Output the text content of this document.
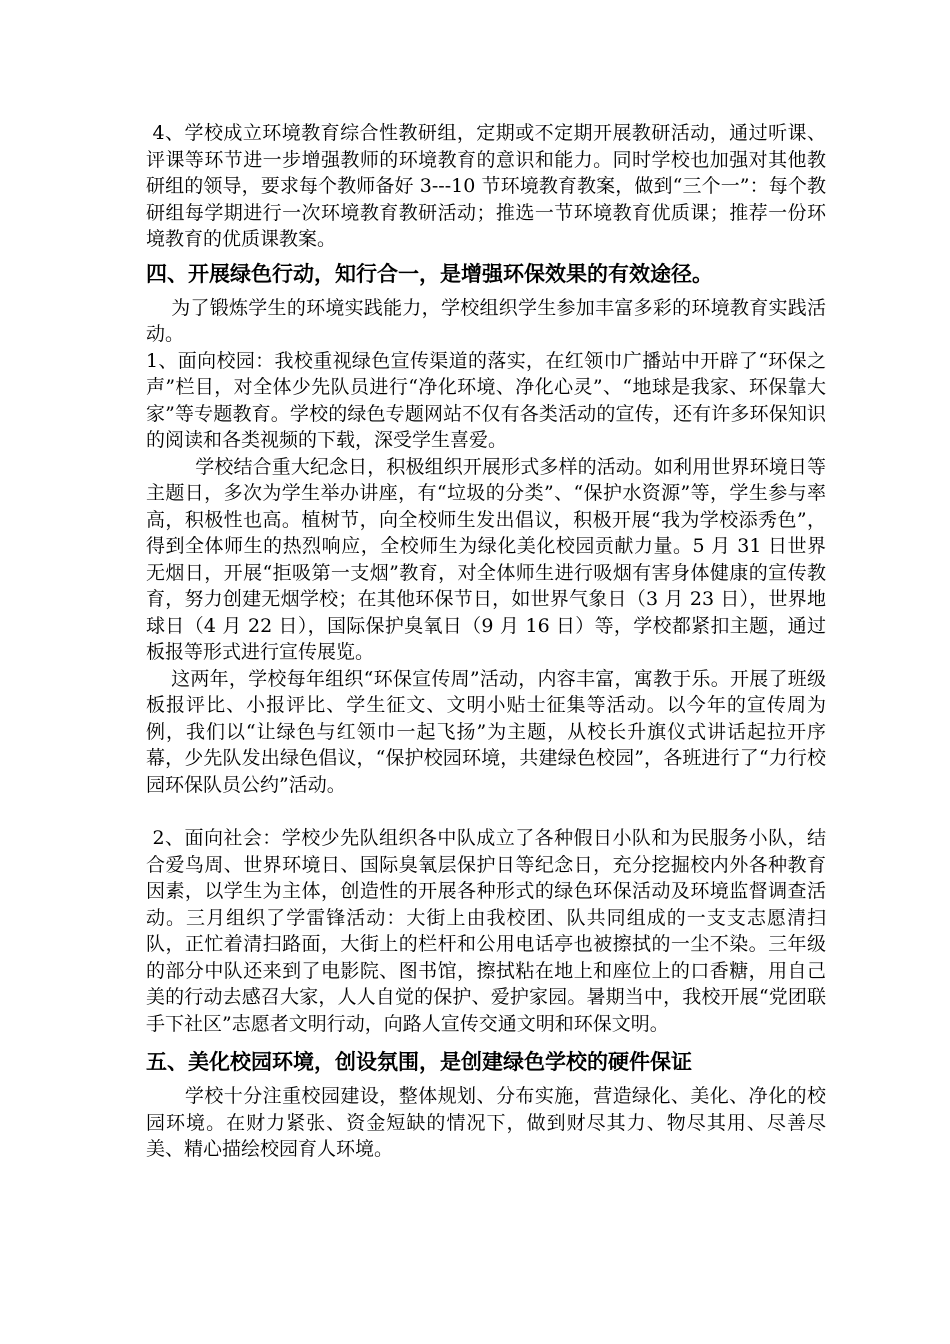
4、学校成立环境教育综合性教研组，定期或不定期开展教研活动，通过听课、评课等环节进一步增强教师的环境教育的意识和能力。同时学校也加强对其他教研组的领导，要求每个教师备好 3---10 节环境教育教案，做到“三个一”：每个教研组每学期进行一次环境教育教研活动；推选一节环境教育优质课；推荐一份环境教育的优质课教案。

四、开展绿色行动，知行合一，是增强环保效果的有效途径。

为了锻炼学生的环境实践能力，学校组织学生参加丰富多彩的环境教育实践活动。

1、面向校园：我校重视绿色宣传渠道的落实，在红领巾广播站中开辟了“环保之声”栏目，对全体少先队员进行“净化环境、净化心灵”、“地球是我家、环保靠大家”等专题教育。学校的绿色专题网站不仅有各类活动的宣传，还有许多环保知识的阅读和各类视频的下载，深受学生喜爱。

学校结合重大纪念日，积极组织开展形式多样的活动。如利用世界环境日等主题日，多次为学生举办讲座，有“垃圾的分类”、“保护水资源”等，学生参与率高，积极性也高。植树节，向全校师生发出倡议，积极开展“我为学校添秀色”，得到全体师生的热烈响应，全校师生为绿化美化校园贡献力量。5 月 31 日世界无烟日，开展“拒吸第一支烟”教育，对全体师生进行吸烟有害身体健康的宣传教育，努力创建无烟学校；在其他环保节日，如世界气象日（3 月 23 日），世界地球日（4 月 22 日），国际保护臭氧日（9 月 16 日）等，学校都紧扣主题，通过板报等形式进行宣传展览。

这两年，学校每年组织“环保宣传周”活动，内容丰富，寓教于乐。开展了班级板报评比、小报评比、学生征文、文明小贴士征集等活动。以今年的宣传周为例，我们以“让绿色与红领巾一起飞扬”为主题，从校长升旗仪式讲话起拉开序幕，少先队发出绿色倡议，“保护校园环境，共建绿色校园”，各班进行了“力行校园环保队员公约”活动。

2、面向社会：学校少先队组织各中队成立了各种假日小队和为民服务小队，结合爱鸟周、世界环境日、国际臭氧层保护日等纪念日，充分挖掘校内外各种教育因素，以学生为主体，创造性的开展各种形式的绿色环保活动及环境监督调查活动。三月组织了学雷锋活动：大街上由我校团、队共同组成的一支支志愿清扫队，正忙着清扫路面，大街上的栏杆和公用电话亭也被擦拭的一尘不染。三年级的部分中队还来到了电影院、图书馆，擦拭粘在地上和座位上的口香糖，用自己美的行动去感召大家，人人自觉的保护、爱护家园。暑期当中，我校开展“党团联手下社区”志愿者文明行动，向路人宣传交通文明和环保文明。

五、美化校园环境，创设氛围，是创建绿色学校的硬件保证

学校十分注重校园建设，整体规划、分布实施，营造绿化、美化、净化的校园环境。在财力紧张、资金短缺的情况下，做到财尽其力、物尽其用、尽善尽美、精心描绘校园育人环境。
